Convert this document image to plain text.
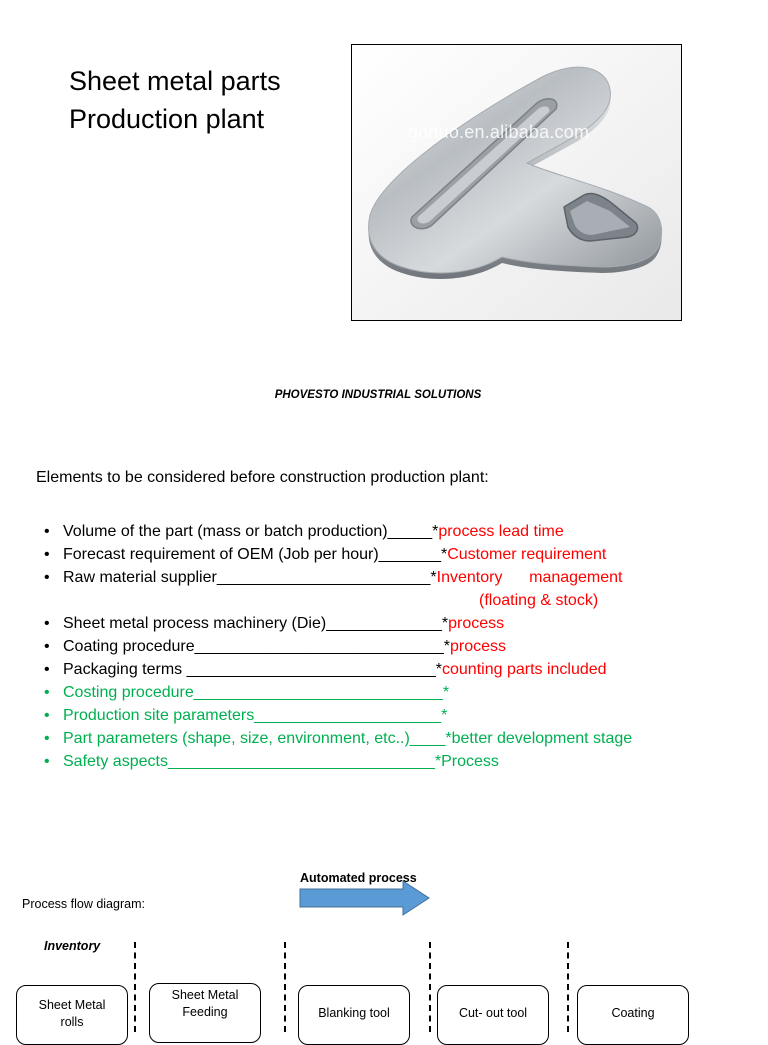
Sheet metal parts
Production plant	gonuo.en.alibaba.com
PHOVESTO INDUSTRIAL SOLUTIONS
Elements to be considered before construction production plant:
• Volume of the part (mass or batch production)_____*process lead time
• Forecast requirement of OEM (Job per hour)_______*Customer requirement
• Raw material supplier________________________*Inventory      management
(floating & stock)
• Sheet metal process machinery (Die)_____________*process
• Coating procedure____________________________*process
• Packaging terms ____________________________*counting parts included
• Costing procedure____________________________*
• Production site parameters_____________________*
• Part parameters (shape, size, environment, etc..)____*better development stage
• Safety aspects______________________________*Process
Automated process
Process flow diagram:
Inventory
Sheet Metal
rolls
Sheet Metal
Feeding	Blanking tool	Cut- out tool	Coating
